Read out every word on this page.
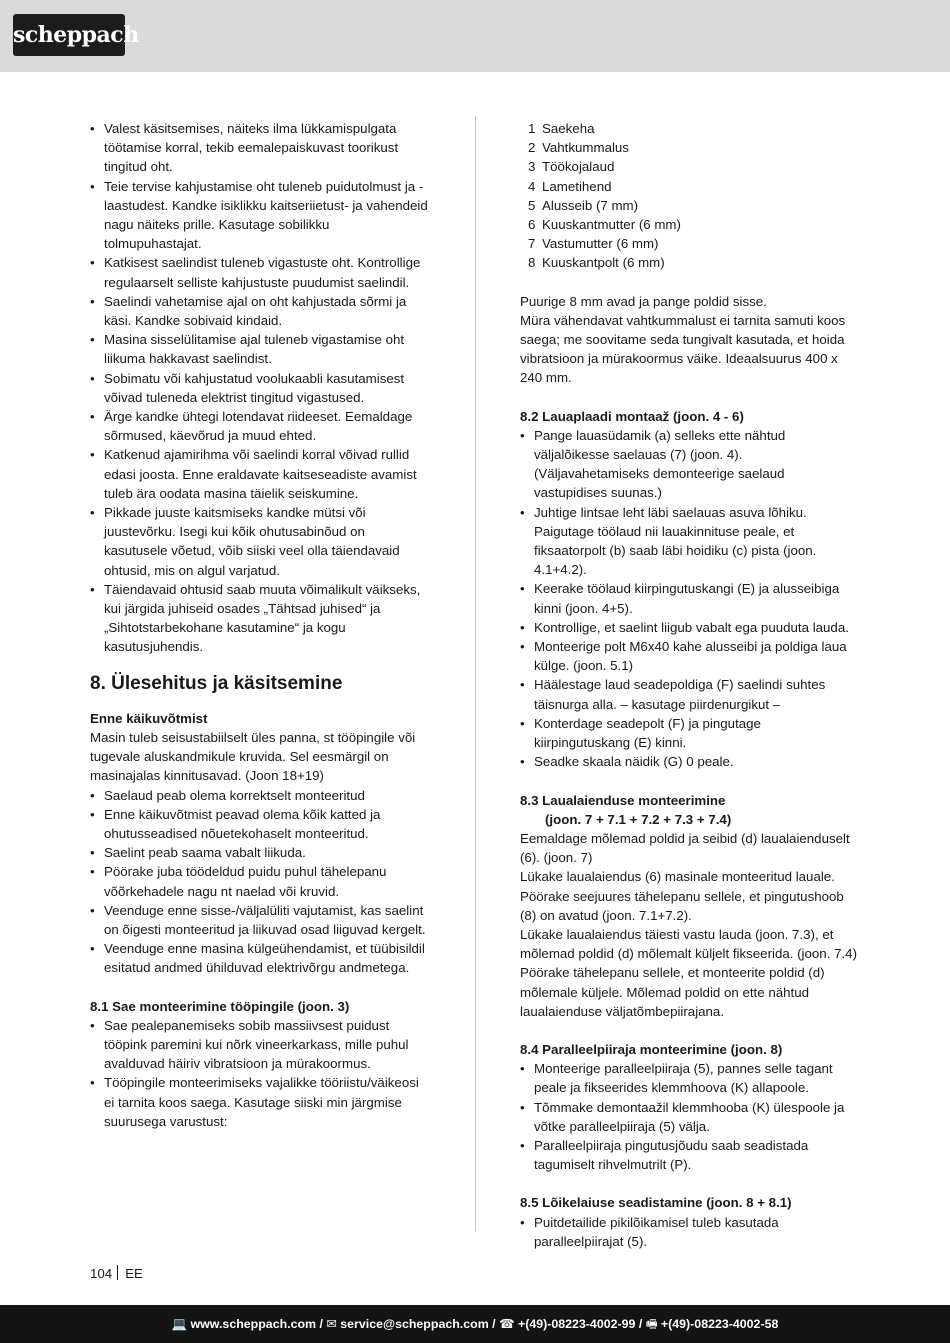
scheppach
• Valest käsitsemises, näiteks ilma lükkamispulgata töötamise korral, tekib eemalepaiskuvast toorikust tingitud oht.
• Teie tervise kahjustamise oht tuleneb puidutolmust ja -laastudest. Kandke isiklikku kaitseriietust- ja vahendeid nagu näiteks prille. Kasutage sobilikku tolmupuhastajat.
• Katkisest saelindist tuleneb vigastuste oht. Kontrollige regulaarselt selliste kahjustuste puudumist saelindil.
• Saelindi vahetamise ajal on oht kahjustada sõrmi ja käsi. Kandke sobivaid kindaid.
• Masina sisselülitamise ajal tuleneb vigastamise oht liikuma hakkavast saelindist.
• Sobimatu või kahjustatud voolukaabli kasutamisest võivad tuleneda elektrist tingitud vigastused.
• Ärge kandke ühtegi lotendavat riideeset. Eemaldage sõrmused, käevõrud ja muud ehted.
• Katkenud ajamirihma või saelindi korral võivad rullid edasi joosta. Enne eraldavate kaitseseadiste avamist tuleb ära oodata masina täielik seiskumine.
• Pikkade juuste kaitsmiseks kandke mütsi või juustevõrku. Isegi kui kõik ohutusabinõud on kasutusele võetud, võib siiski veel olla täiendavaid ohtusid, mis on algul varjatud.
• Täiendavaid ohtusid saab muuta võimalikult väikseks, kui järgida juhiseid osades „Tähtsad juhised“ ja „Sihtotstarbekohane kasutamine“ ja kogu kasutusjuhendis.
8. Ülesehitus ja käsitsemine

Enne käikuvõtmist

Masin tuleb seisustabiilselt üles panna, st tööpingile või tugevale aluskandmikule kruvida. Sel eesmärgil on masinajalas kinnitusavad. (Joon 18+19)

• Saelaud peab olema korrektselt monteeritud
• Enne käikuvõtmist peavad olema kõik katted ja ohutusseadised nõuetekohaselt monteeritud.
• Saelint peab saama vabalt liikuda.
• Pöörake juba töödeldud puidu puhul tähelepanu võõrkehadele nagu nt naelad või kruvid.
• Veenduge enne sisse-/väljalüliti vajutamist, kas saelint on õigesti monteeritud ja liikuvad osad liiguvad kergelt.
• Veenduge enne masina külgeühendamist, et tüübisildil esitatud andmed ühilduvad elektrivõrgu andmetega.

8.1 Sae monteerimine tööpingile (joon. 3)

• Sae pealepanemiseks sobib massiivsest puidust tööpink paremini kui nõrk vineerkarkass, mille puhul avalduvad häiriv vibratsioon ja mürakoormus.
• Tööpingile monteerimiseks vajalikke tööriistu/väikeosi ei tarnita koos saega. Kasutage siiski min järgmise suurusega varustust:
1 Saekeha
2 Vahtkummalus
3 Töökojalaud
4 Lametihend
5 Alusseib (7 mm)
6 Kuuskantmutter (6 mm)
7 Vastumutter (6 mm)
8 Kuuskantpolt (6 mm)

Puurige 8 mm avad ja pange poldid sisse.

Müra vähendavat vahtkummalust ei tarnita samuti koos saega; me soovitame seda tungivalt kasutada, et hoida vibratsioon ja mürakoormus väike. Ideaalsuurus 400 x 240 mm.

8.2 Lauaplaadi montaaž (joon. 4 - 6)

• Pange lauasüdamik (a) selleks ette nähtud väljalõikesse saelauas (7) (joon. 4). (Väljavahetamiseks demonteerige saelaud vastupidises suunas.)
• Juhtige lintsae leht läbi saelauas asuva lõhiku. Paigutage töölaud nii lauakinnituse peale, et fiksaatorpolt (b) saab läbi hoidiku (c) pista (joon. 4.1+4.2).
• Keerake töölaud kiirpingutuskangi (E) ja alusseibiga kinni (joon. 4+5).
• Kontrollige, et saelint liigub vabalt ega puuduta lauda.
• Monteerige polt M6x40 kahe alusseibi ja poldiga laua külge. (joon. 5.1)
• Häälestage laud seadepoldiga (F) saelindi suhtes täisnurga alla. – kasutage piirdenurgikut –
• Konterdage seadepolt (F) ja pingutage kiirpingutuskang (E) kinni.
• Seadke skaala näidik (G) 0 peale.

8.3 Laualaienduse monteerimine

(joon. 7 + 7.1 + 7.2 + 7.3 + 7.4)

Eemaldage mõlemad poldid ja seibid (d) laualaienduselt (6). (joon. 7)

Lükake laualaiendus (6) masinale monteeritud lauale. Pöörake seejuures tähelepanu sellele, et pingutushoob (8) on avatud (joon. 7.1+7.2).

Lükake laualaiendus täiesti vastu lauda (joon. 7.3), et mõlemad poldid (d) mõlemalt küljelt fikseerida. (joon. 7.4) Pöörake tähelepanu sellele, et monteerite poldid (d) mõlemale küljele. Mõlemad poldid on ette nähtud laualaienduse väljatõmbepiirajana.

8.4 Paralleelpiiraja monteerimine (joon. 8)

• Monteerige paralleelpiiraja (5), pannes selle tagant peale ja fikseerides klemmhoova (K) allapoole.
• Tõmmake demontaažil klemmhooba (K) ülespoole ja võtke paralleelpiiraja (5) välja.
• Paralleelpiiraja pingutusjõudu saab seadistada tagumiselt rihvelmutrilt (P).

8.5 Lõikelaiuse seadistamine (joon. 8 + 8.1)

• Puitdetailide pikilõikamisel tuleb kasutada paralleelpiirajat (5).
104 EE
💻 www.scheppach.com / ✉ service@scheppach.com / ☎ +(49)-08223-4002-99 / 🖷 +(49)-08223-4002-58
